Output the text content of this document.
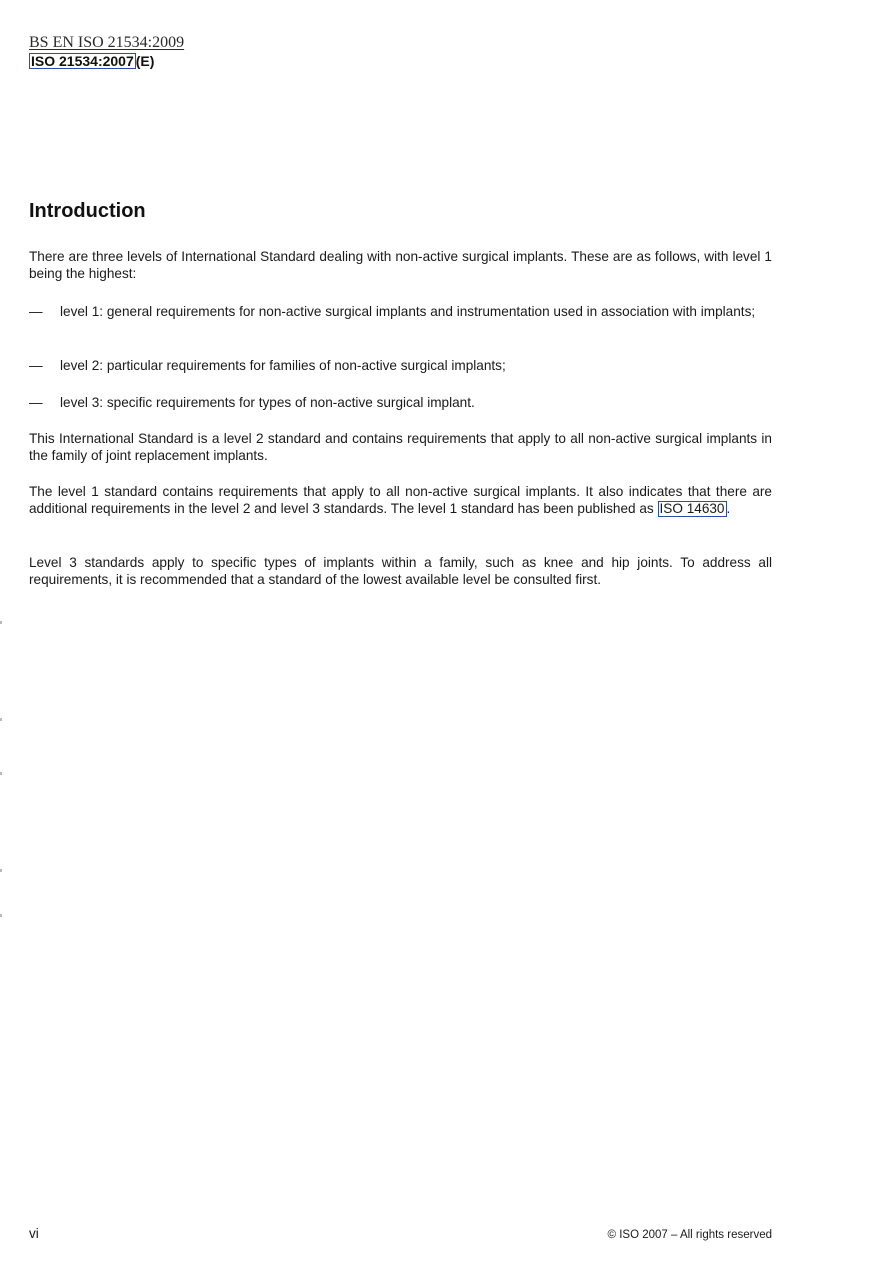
BS EN ISO 21534:2009
ISO 21534:2007 (E)
Introduction

There are three levels of International Standard dealing with non-active surgical implants. These are as follows, with level 1 being the highest:

—	level 1: general requirements for non-active surgical implants and instrumentation used in association with implants;
—	level 2: particular requirements for families of non-active surgical implants;
—	level 3: specific requirements for types of non-active surgical implant.

This International Standard is a level 2 standard and contains requirements that apply to all non-active surgical implants in the family of joint replacement implants.

The level 1 standard contains requirements that apply to all non-active surgical implants. It also indicates that there are additional requirements in the level 2 and level 3 standards. The level 1 standard has been published as ISO 14630 .

Level 3 standards apply to specific types of implants within a family, such as knee and hip joints. To address all requirements, it is recommended that a standard of the lowest available level be consulted first.

vi	© ISO 2007 – All rights reserved
